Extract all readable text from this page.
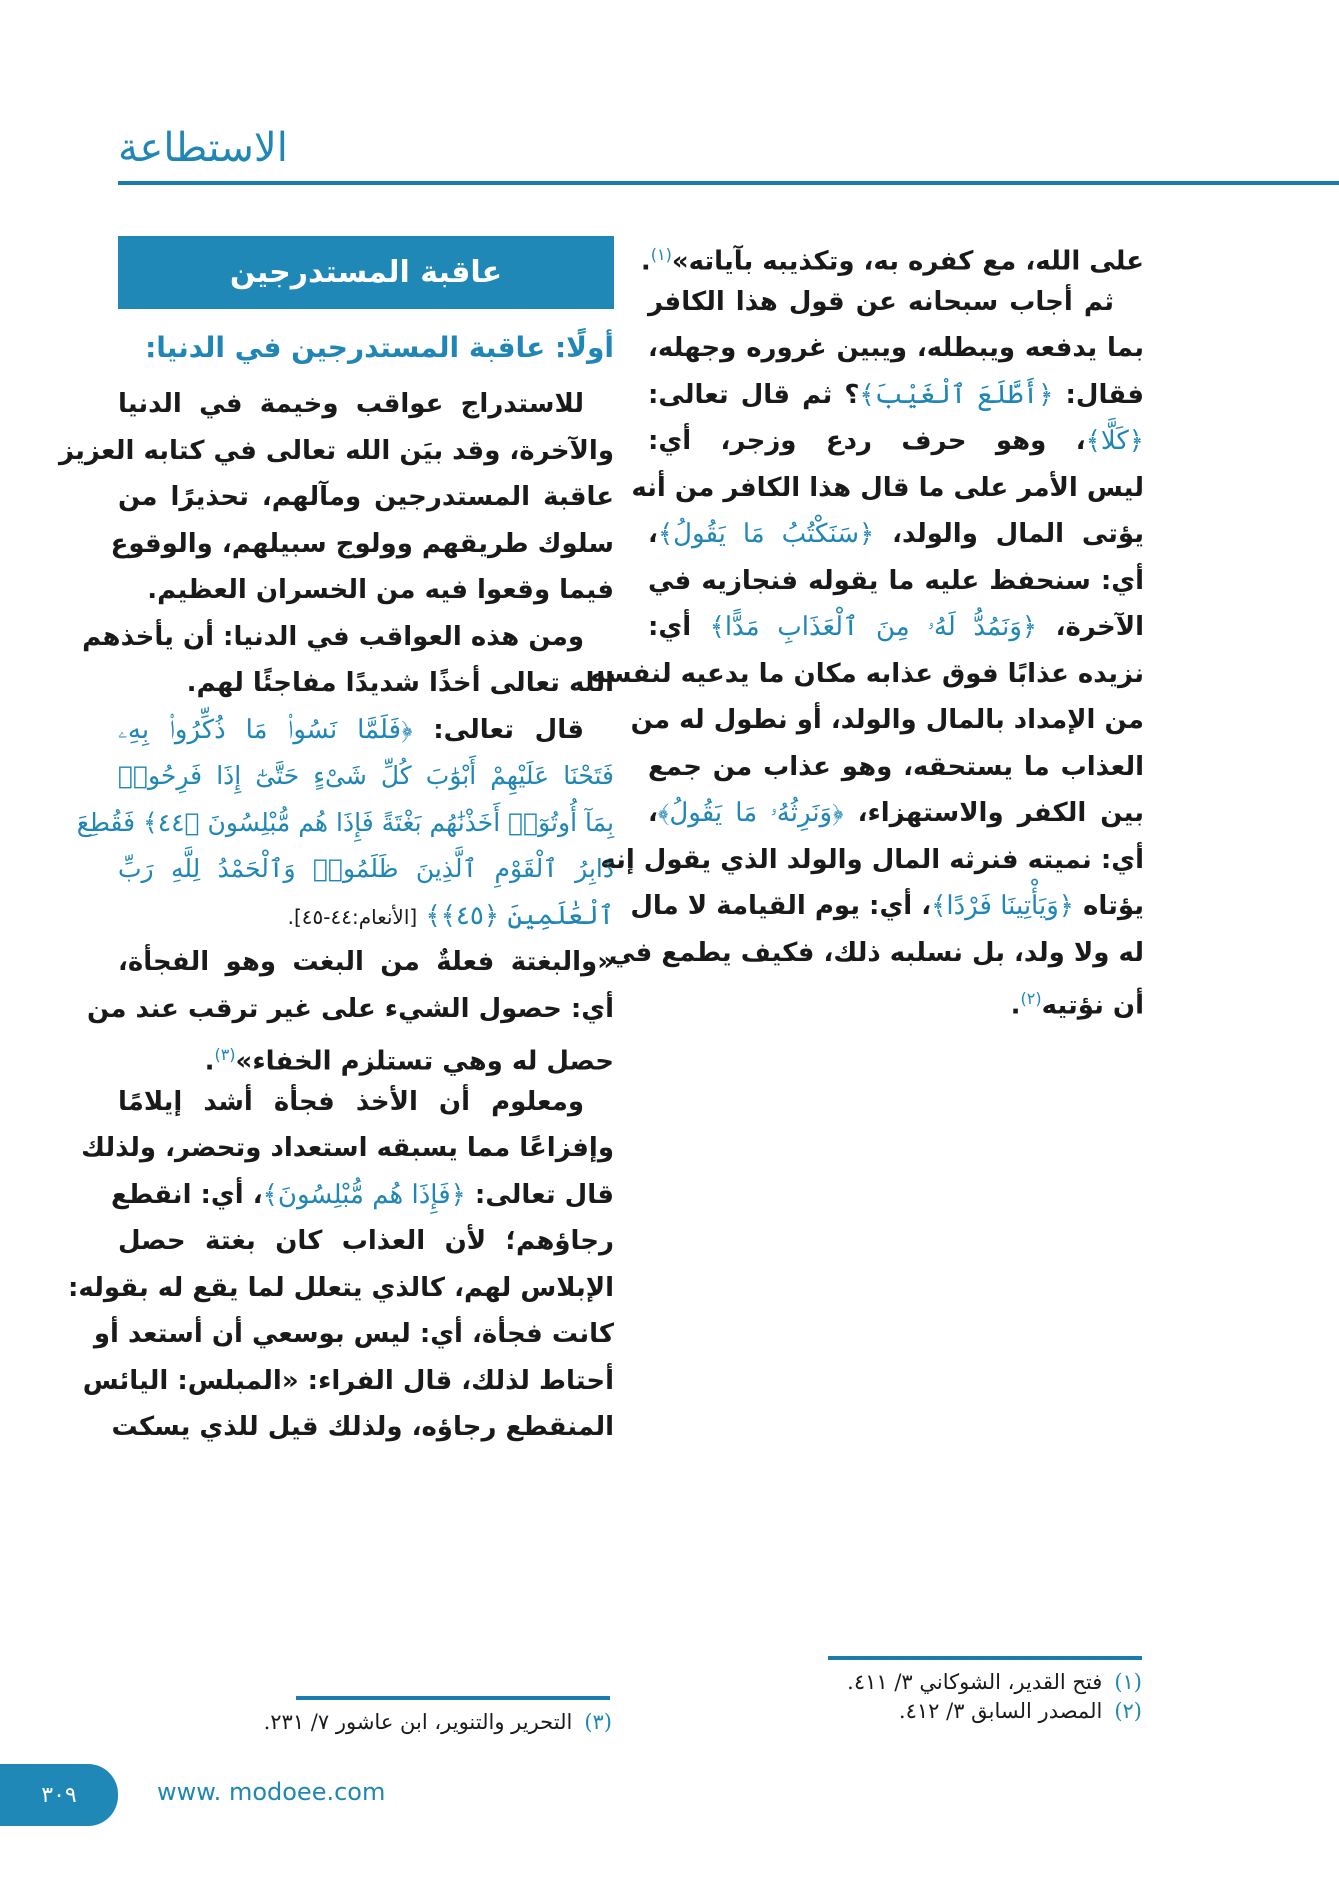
الاستطاعة
على الله، مع كفره به، وتكذيبه بآياته»$^{(١)}$.
ثم أجاب سبحانه عن قول هذا الكافر
بما يدفعه ويبطله، ويبين غروره وجهله،
فقال: ﴿أَطَّلَعَ ٱلْغَيْبَ﴾؟ ثم قال تعالى:
﴿كَلَّا﴾، وهو حرف ردع وزجر، أي:
ليس الأمر على ما قال هذا الكافر من أنه
يؤتى المال والولد، ﴿سَنَكْتُبُ مَا يَقُولُ﴾،
أي: سنحفظ عليه ما يقوله فنجازيه في
الآخرة، ﴿وَنَمُدُّ لَهُۥ مِنَ ٱلْعَذَابِ مَدًّا﴾ أي:
نزيده عذابًا فوق عذابه مكان ما يدعيه لنفسه
من الإمداد بالمال والولد، أو نطول له من
العذاب ما يستحقه، وهو عذاب من جمع
بين الكفر والاستهزاء، ﴿وَنَرِثُهُۥ مَا يَقُولُ﴾،
أي: نميته فنرثه المال والولد الذي يقول إنه
يؤتاه ﴿وَيَأْتِينَا فَرْدًا﴾، أي: يوم القيامة لا مال
له ولا ولد، بل نسلبه ذلك، فكيف يطمع في
أن نؤتيه$^{(٢)}$.
عاقبة المستدرجين
أولًا: عاقبة المستدرجين في الدنيا:
للاستدراج عواقب وخيمة في الدنيا
والآخرة، وقد بيَن الله تعالى في كتابه العزيز
عاقبة المستدرجين ومآلهم، تحذيرًا من
سلوك طريقهم وولوج سبيلهم، والوقوع
فيما وقعوا فيه من الخسران العظيم.
ومن هذه العواقب في الدنيا: أن يأخذهم
الله تعالى أخذًا شديدًا مفاجئًا لهم.
قال تعالى: ﴿فَلَمَّا نَسُوا۟ مَا ذُكِّرُوا۟ بِهِۦ
فَتَحْنَا عَلَيْهِمْ أَبْوَٰبَ كُلِّ شَىْءٍ حَتَّىٰٓ إِذَا فَرِحُوا۟
بِمَآ أُوتُوٓا۟ أَخَذْنَٰهُم بَغْتَةً فَإِذَا هُم مُّبْلِسُونَ ﴿٤٤﴾ فَقُطِعَ
دَابِرُ ٱلْقَوْمِ ٱلَّذِينَ ظَلَمُوا۟ وَٱلْحَمْدُ لِلَّهِ رَبِّ
ٱلْعَٰلَمِينَ ﴿٤٥﴾﴾ [الأنعام:٤٤-٤٥].
«والبغتة فعلةٌ من البغت وهو الفجأة،
أي: حصول الشيء على غير ترقب عند من
حصل له وهي تستلزم الخفاء»$^{(٣)}$.
ومعلوم أن الأخذ فجأة أشد إيلامًا
وإفزاعًا مما يسبقه استعداد وتحضر، ولذلك
قال تعالى: ﴿فَإِذَا هُم مُّبْلِسُونَ﴾، أي: انقطع
رجاؤهم؛ لأن العذاب كان بغتة حصل
الإبلاس لهم، كالذي يتعلل لما يقع له بقوله:
كانت فجأة، أي: ليس بوسعي أن أستعد أو
أحتاط لذلك، قال الفراء: «المبلس: اليائس
المنقطع رجاؤه، ولذلك قيل للذي يسكت
(١)فتح القدير، الشوكاني ٣/ ٤١١.
(٢)المصدر السابق ٣/ ٤١٢.
(٣)التحرير والتنوير، ابن عاشور ٧/ ٢٣١.
٣٠٩	www. modoee.com
